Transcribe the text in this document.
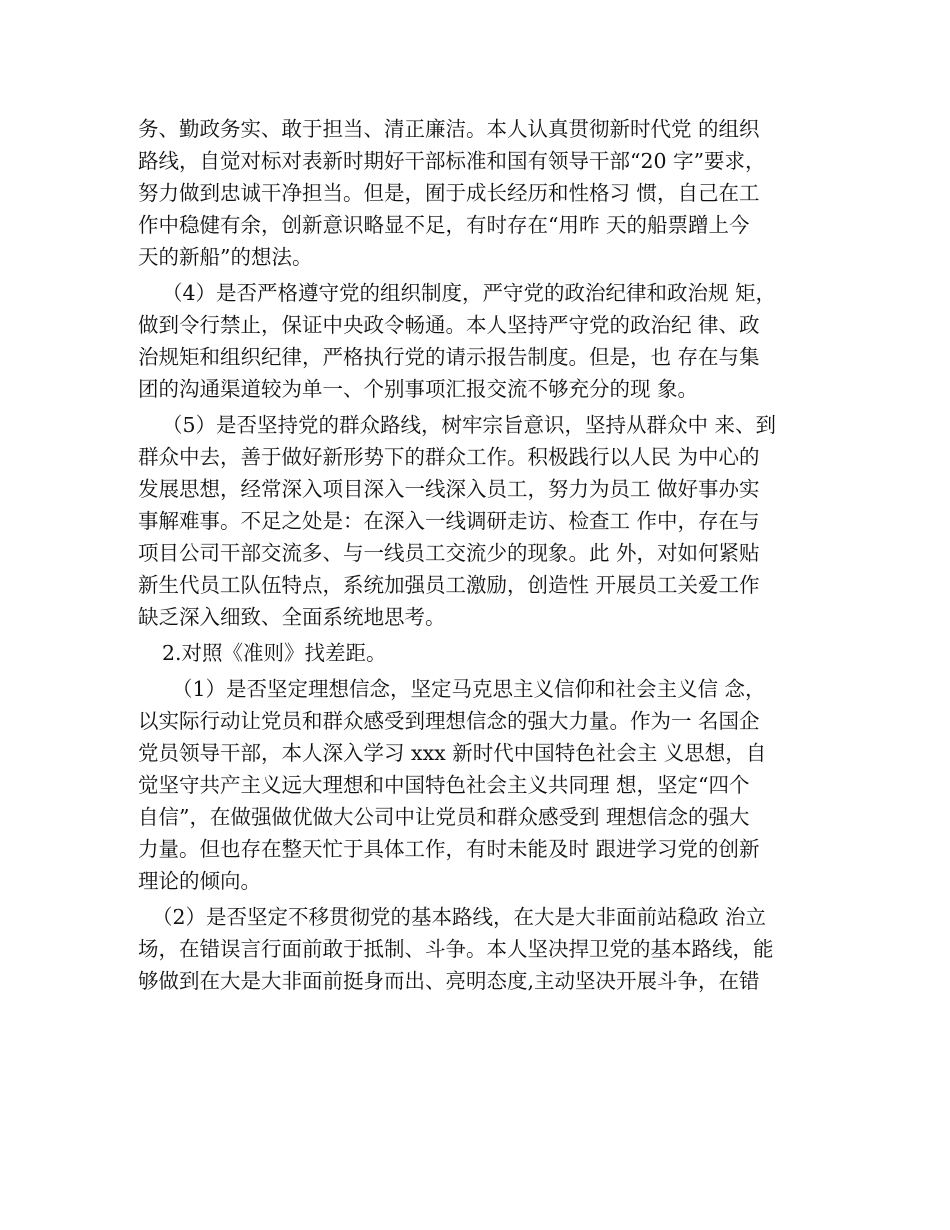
务、勤政务实、敢于担当、清正廉洁。本人认真贯彻新时代党 的组织
路线，自觉对标对表新时期好干部标准和国有领导干部“20 字”要求，
努力做到忠诚干净担当。但是，囿于成长经历和性格习 惯，自己在工
作中稳健有余，创新意识略显不足，有时存在“用昨 天的船票蹭上今
天的新船”的想法。

（4）是否严格遵守党的组织制度，严守党的政治纪律和政治规 矩，
做到令行禁止，保证中央政令畅通。本人坚持严守党的政治纪 律、政
治规矩和组织纪律，严格执行党的请示报告制度。但是，也 存在与集
团的沟通渠道较为单一、个别事项汇报交流不够充分的现 象。

（5）是否坚持党的群众路线，树牢宗旨意识，坚持从群众中 来、到
群众中去，善于做好新形势下的群众工作。积极践行以人民 为中心的
发展思想，经常深入项目深入一线深入员工，努力为员工 做好事办实
事解难事。不足之处是：在深入一线调研走访、检查工 作中，存在与
项目公司干部交流多、与一线员工交流少的现象。此 外，对如何紧贴
新生代员工队伍特点，系统加强员工激励，创造性 开展员工关爱工作
缺乏深入细致、全面系统地思考。

2.对照《准则》找差距。

（1）是否坚定理想信念，坚定马克思主义信仰和社会主义信 念，
以实际行动让党员和群众感受到理想信念的强大力量。作为一 名国企
党员领导干部，本人深入学习 xxx 新时代中国特色社会主 义思想，自
觉坚守共产主义远大理想和中国特色社会主义共同理 想，坚定“四个
自信”，在做强做优做大公司中让党员和群众感受到 理想信念的强大
力量。但也存在整天忙于具体工作，有时未能及时 跟进学习党的创新
理论的倾向。

（2）是否坚定不移贯彻党的基本路线，在大是大非面前站稳政 治立
场，在错误言行面前敢于抵制、斗争。本人坚决捍卫党的基本路线，能
够做到在大是大非面前挺身而出、亮明态度,主动坚决开展斗争，在错
